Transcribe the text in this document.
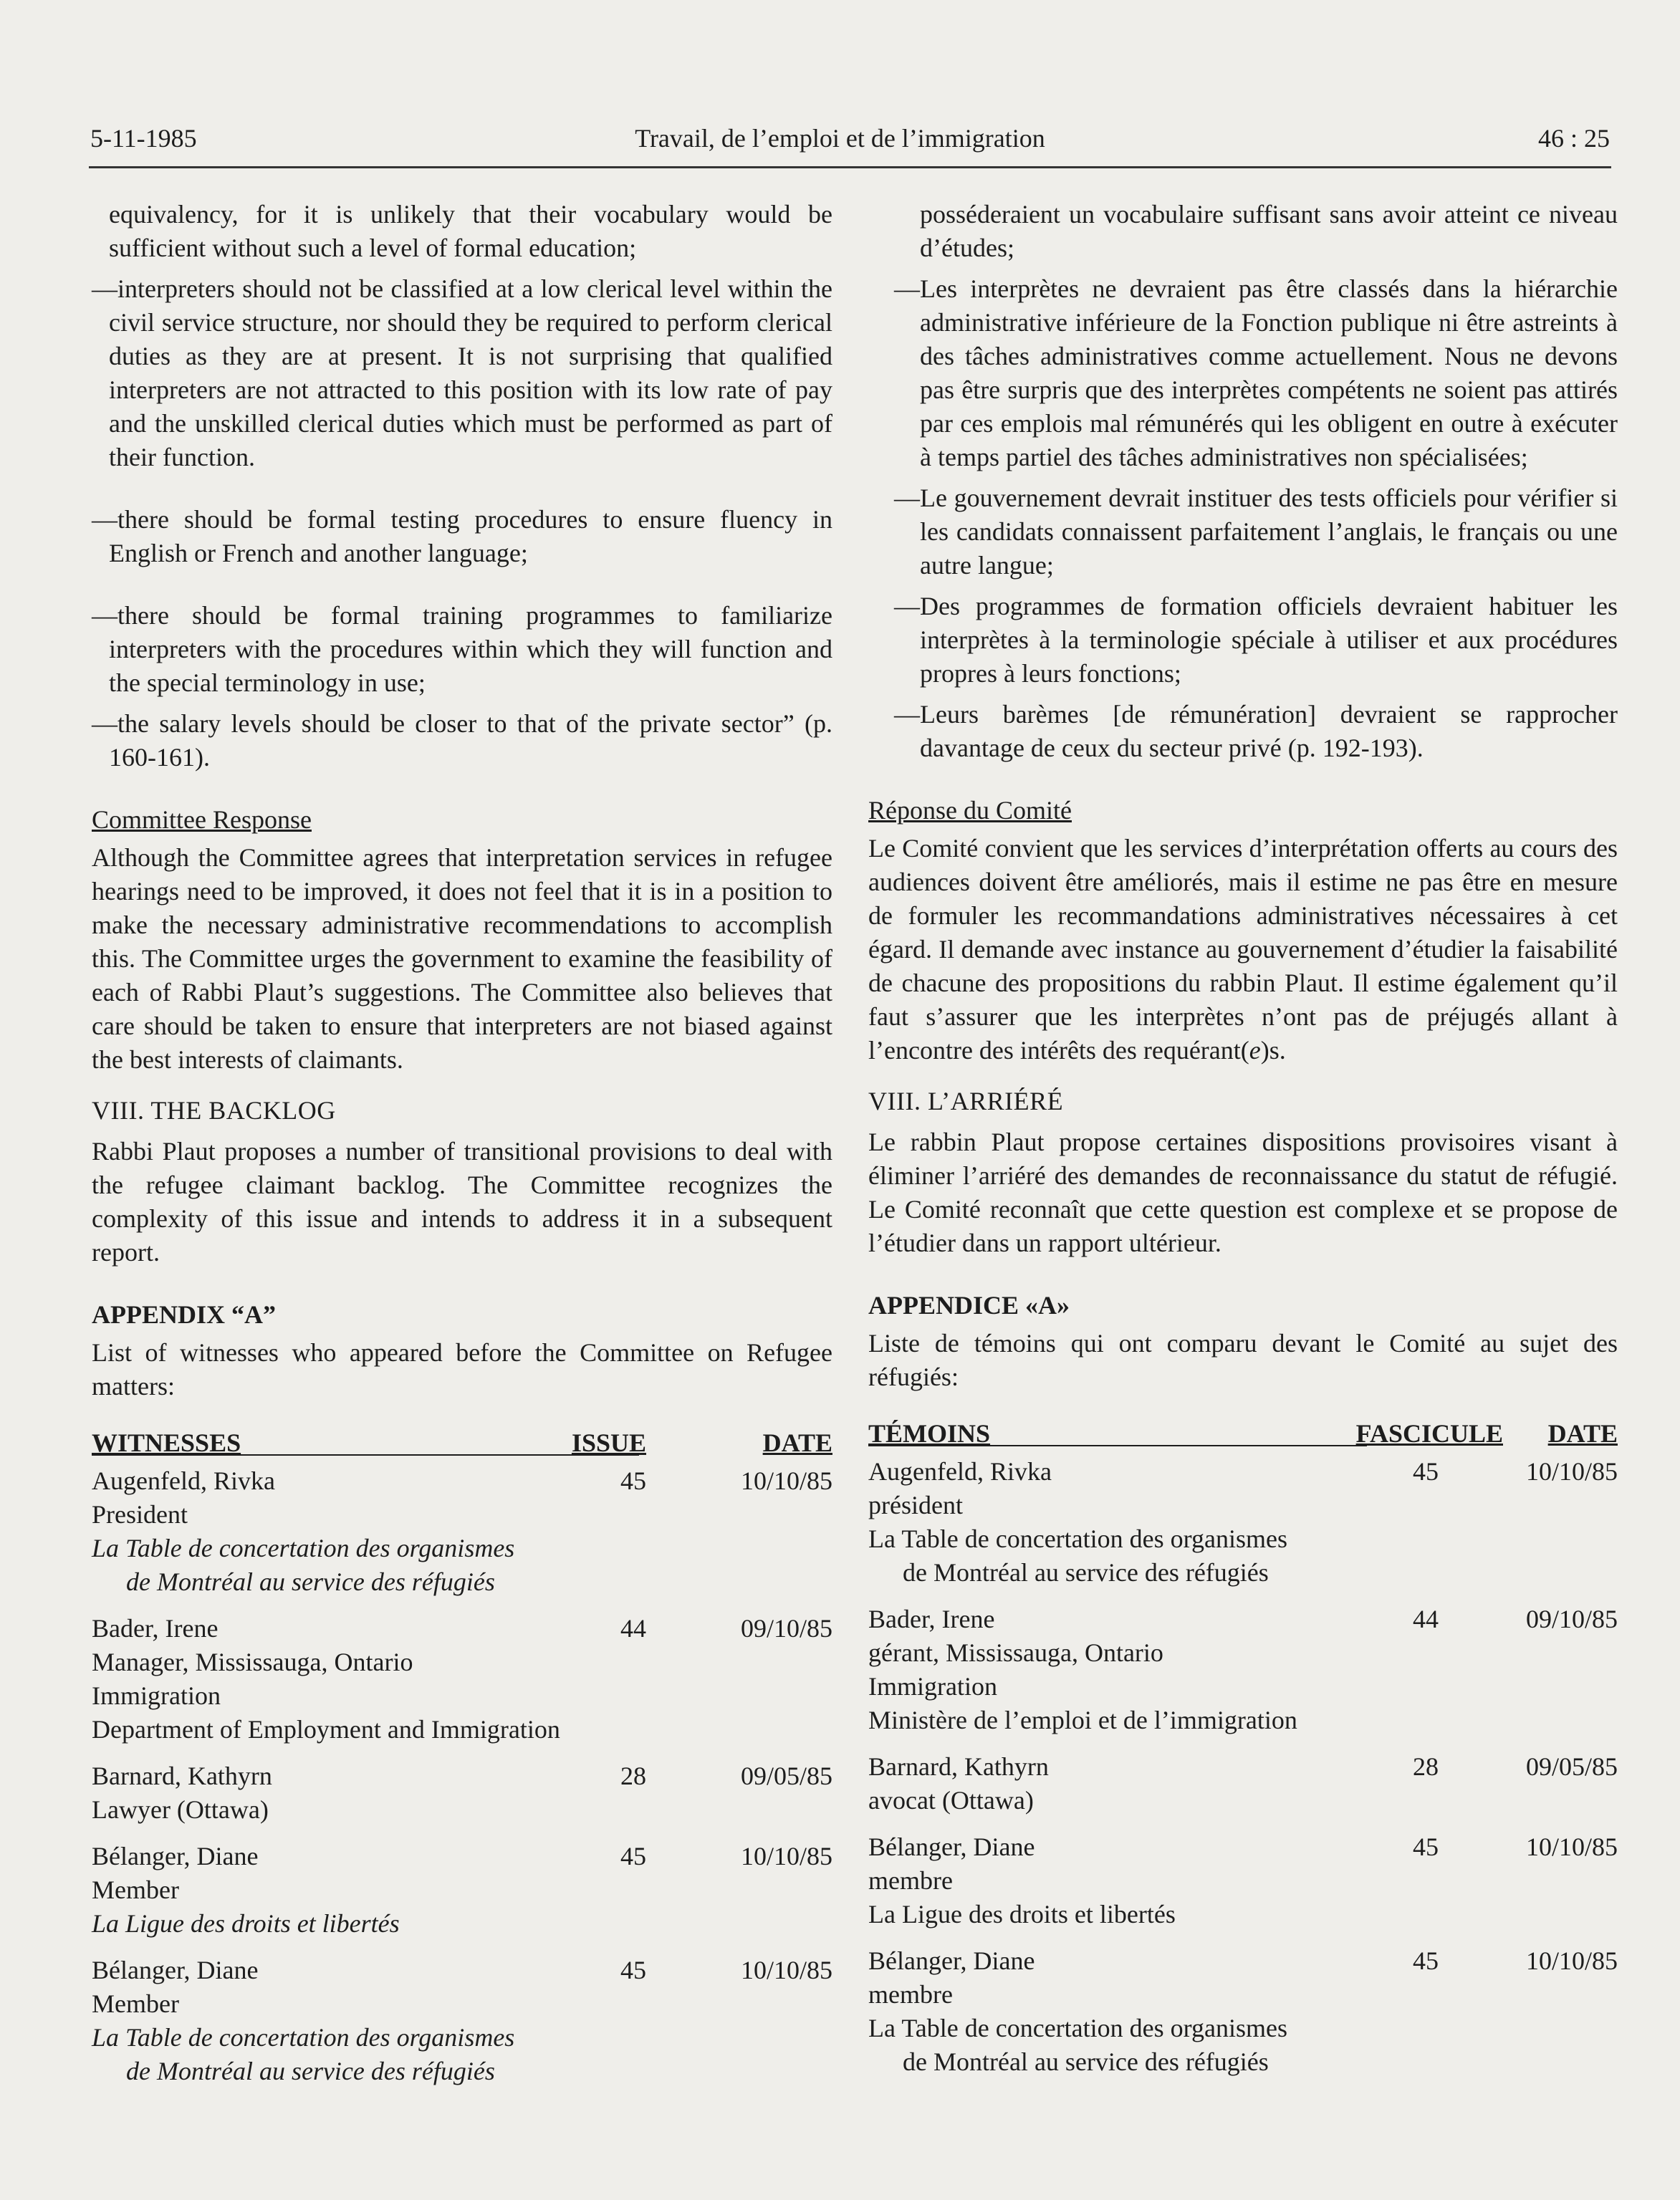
5-11-1985	Travail, de l’emploi et de l’immigration	46 : 25

equivalency, for it is unlikely that their vocabulary would be sufficient without such a level of formal education;

—interpreters should not be classified at a low clerical level within the civil service structure, nor should they be required to perform clerical duties as they are at present. It is not surprising that qualified interpreters are not attracted to this position with its low rate of pay and the unskilled clerical duties which must be performed as part of their function.

—there should be formal testing procedures to ensure fluency in English or French and another language;

—there should be formal training programmes to familiarize interpreters with the procedures within which they will function and the special terminology in use;

—the salary levels should be closer to that of the private sector” (p. 160-161).

Committee Response

Although the Committee agrees that interpretation services in refugee hearings need to be improved, it does not feel that it is in a position to make the necessary administrative recommendations to accomplish this. The Committee urges the government to examine the feasibility of each of Rabbi Plaut’s suggestions. The Committee also believes that care should be taken to ensure that interpreters are not biased against the best interests of claimants.

VIII. THE BACKLOG

Rabbi Plaut proposes a number of transitional provisions to deal with the refugee claimant backlog. The Committee recognizes the complexity of this issue and intends to address it in a subsequent report.

APPENDIX “A”

List of witnesses who appeared before the Committee on Refugee matters:

WITNESSES	ISSUE	DATE
Augenfeld, Rivka	45	10/10/85
President
La Table de concertation des organismes
de Montréal au service des réfugiés
Bader, Irene	44	09/10/85
Manager, Mississauga, Ontario
Immigration
Department of Employment and Immigration
Barnard, Kathyrn	28	09/05/85
Lawyer (Ottawa)
Bélanger, Diane	45	10/10/85
Member
La Ligue des droits et libertés
Bélanger, Diane	45	10/10/85
Member
La Table de concertation des organismes
de Montréal au service des réfugiés

posséderaient un vocabulaire suffisant sans avoir atteint ce niveau d’études;

—Les interprètes ne devraient pas être classés dans la hiérarchie administrative inférieure de la Fonction publique ni être astreints à des tâches administratives comme actuellement. Nous ne devons pas être surpris que des interprètes compétents ne soient pas attirés par ces emplois mal rémunérés qui les obligent en outre à exécuter à temps partiel des tâches administratives non spécialisées;

—Le gouvernement devrait instituer des tests officiels pour vérifier si les candidats connaissent parfaitement l’anglais, le français ou une autre langue;

—Des programmes de formation officiels devraient habituer les interprètes à la terminologie spéciale à utiliser et aux procédures propres à leurs fonctions;

—Leurs barèmes [de rémunération] devraient se rapprocher davantage de ceux du secteur privé (p. 192-193).

Réponse du Comité

Le Comité convient que les services d’interprétation offerts au cours des audiences doivent être améliorés, mais il estime ne pas être en mesure de formuler les recommandations administratives nécessaires à cet égard. Il demande avec instance au gouvernement d’étudier la faisabilité de chacune des propositions du rabbin Plaut. Il estime également qu’il faut s’assurer que les interprètes n’ont pas de préjugés allant à l’encontre des intérêts des requérant(e)s.

VIII. L’ARRIÉRÉ

Le rabbin Plaut propose certaines dispositions provisoires visant à éliminer l’arriéré des demandes de reconnaissance du statut de réfugié. Le Comité reconnaît que cette question est complexe et se propose de l’étudier dans un rapport ultérieur.

APPENDICE «A»

Liste de témoins qui ont comparu devant le Comité au sujet des réfugiés:

TÉMOINS	FASCICULE	DATE
Augenfeld, Rivka	45	10/10/85
président
La Table de concertation des organismes
de Montréal au service des réfugiés
Bader, Irene	44	09/10/85
gérant, Mississauga, Ontario
Immigration
Ministère de l’emploi et de l’immigration
Barnard, Kathyrn	28	09/05/85
avocat (Ottawa)
Bélanger, Diane	45	10/10/85
membre
La Ligue des droits et libertés
Bélanger, Diane	45	10/10/85
membre
La Table de concertation des organismes
de Montréal au service des réfugiés
